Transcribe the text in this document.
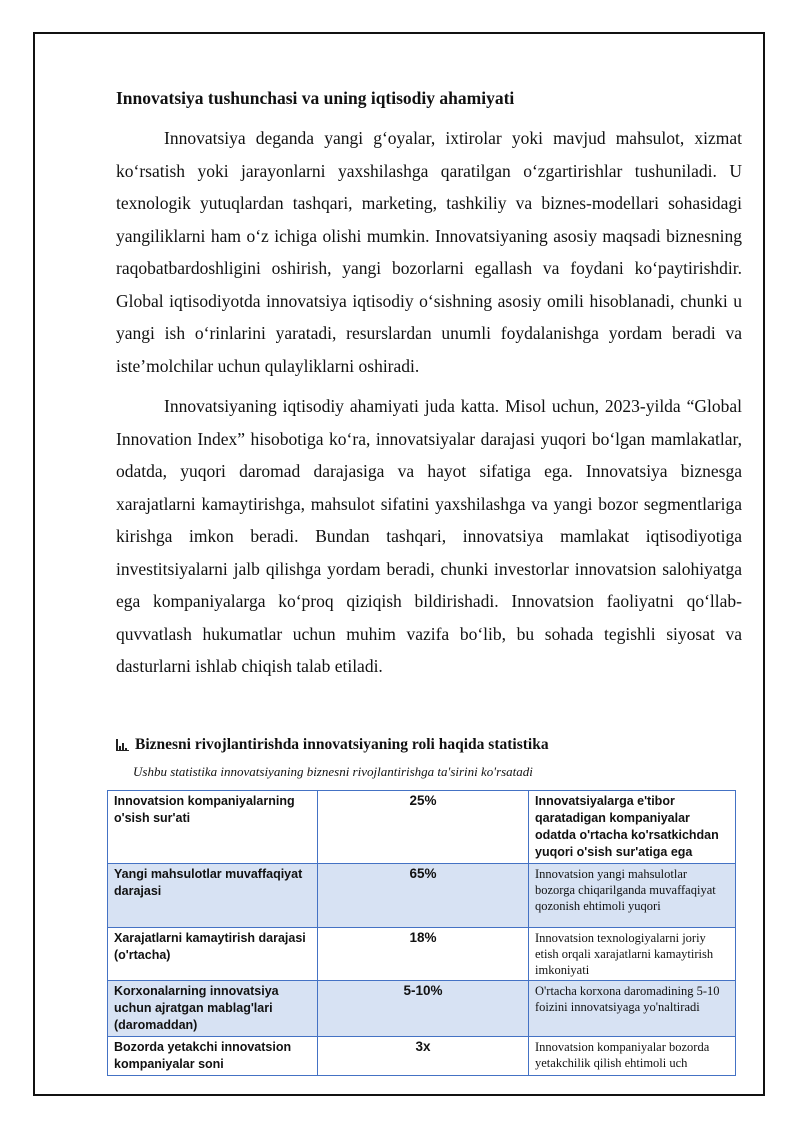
Innovatsiya tushunchasi va uning iqtisodiy ahamiyati

Innovatsiya deganda yangi g‘oyalar, ixtirolar yoki mavjud mahsulot, xizmat ko‘rsatish yoki jarayonlarni yaxshilashga qaratilgan o‘zgartirishlar tushuniladi. U texnologik yutuqlardan tashqari, marketing, tashkiliy va biznes-modellari sohasidagi yangiliklarni ham o‘z ichiga olishi mumkin. Innovatsiyaning asosiy maqsadi biznesning raqobatbardoshligini oshirish, yangi bozorlarni egallash va foydani ko‘paytirishdir. Global iqtisodiyotda innovatsiya iqtisodiy o‘sishning asosiy omili hisoblanadi, chunki u yangi ish o‘rinlarini yaratadi, resurslardan unumli foydalanishga yordam beradi va iste’molchilar uchun qulayliklarni oshiradi.

Innovatsiyaning iqtisodiy ahamiyati juda katta. Misol uchun, 2023-yilda “Global Innovation Index” hisobotiga ko‘ra, innovatsiyalar darajasi yuqori bo‘lgan mamlakatlar, odatda, yuqori daromad darajasiga va hayot sifatiga ega. Innovatsiya biznesga xarajatlarni kamaytirishga, mahsulot sifatini yaxshilashga va yangi bozor segmentlariga kirishga imkon beradi. Bundan tashqari, innovatsiya mamlakat iqtisodiyotiga investitsiyalarni jalb qilishga yordam beradi, chunki investorlar innovatsion salohiyatga ega kompaniyalarga ko‘proq qiziqish bildirishadi. Innovatsion faoliyatni qo‘llab-quvvatlash hukumatlar uchun muhim vazifa bo‘lib, bu sohada tegishli siyosat va dasturlarni ishlab chiqish talab etiladi.

Biznesni rivojlantirishda innovatsiyaning roli haqida statistika
Ushbu statistika innovatsiyaning biznesni rivojlantirishga ta'sirini ko'rsatadi
Innovatsion kompaniyalarning o'sish sur'ati	25%	Innovatsiyalarga e'tibor qaratadigan kompaniyalar odatda o'rtacha ko'rsatkichdan yuqori o'sish sur'atiga ega
Yangi mahsulotlar muvaffaqiyat darajasi	65%	Innovatsion yangi mahsulotlar bozorga chiqarilganda muvaffaqiyat qozonish ehtimoli yuqori
Xarajatlarni kamaytirish darajasi (o'rtacha)	18%	Innovatsion texnologiyalarni joriy etish orqali xarajatlarni kamaytirish imkoniyati
Korxonalarning innovatsiya uchun ajratgan mablag'lari (daromaddan)	5-10%	O'rtacha korxona daromadining 5-10 foizini innovatsiyaga yo'naltiradi
Bozorda yetakchi innovatsion kompaniyalar soni	3x	Innovatsion kompaniyalar bozorda yetakchilik qilish ehtimoli uch
